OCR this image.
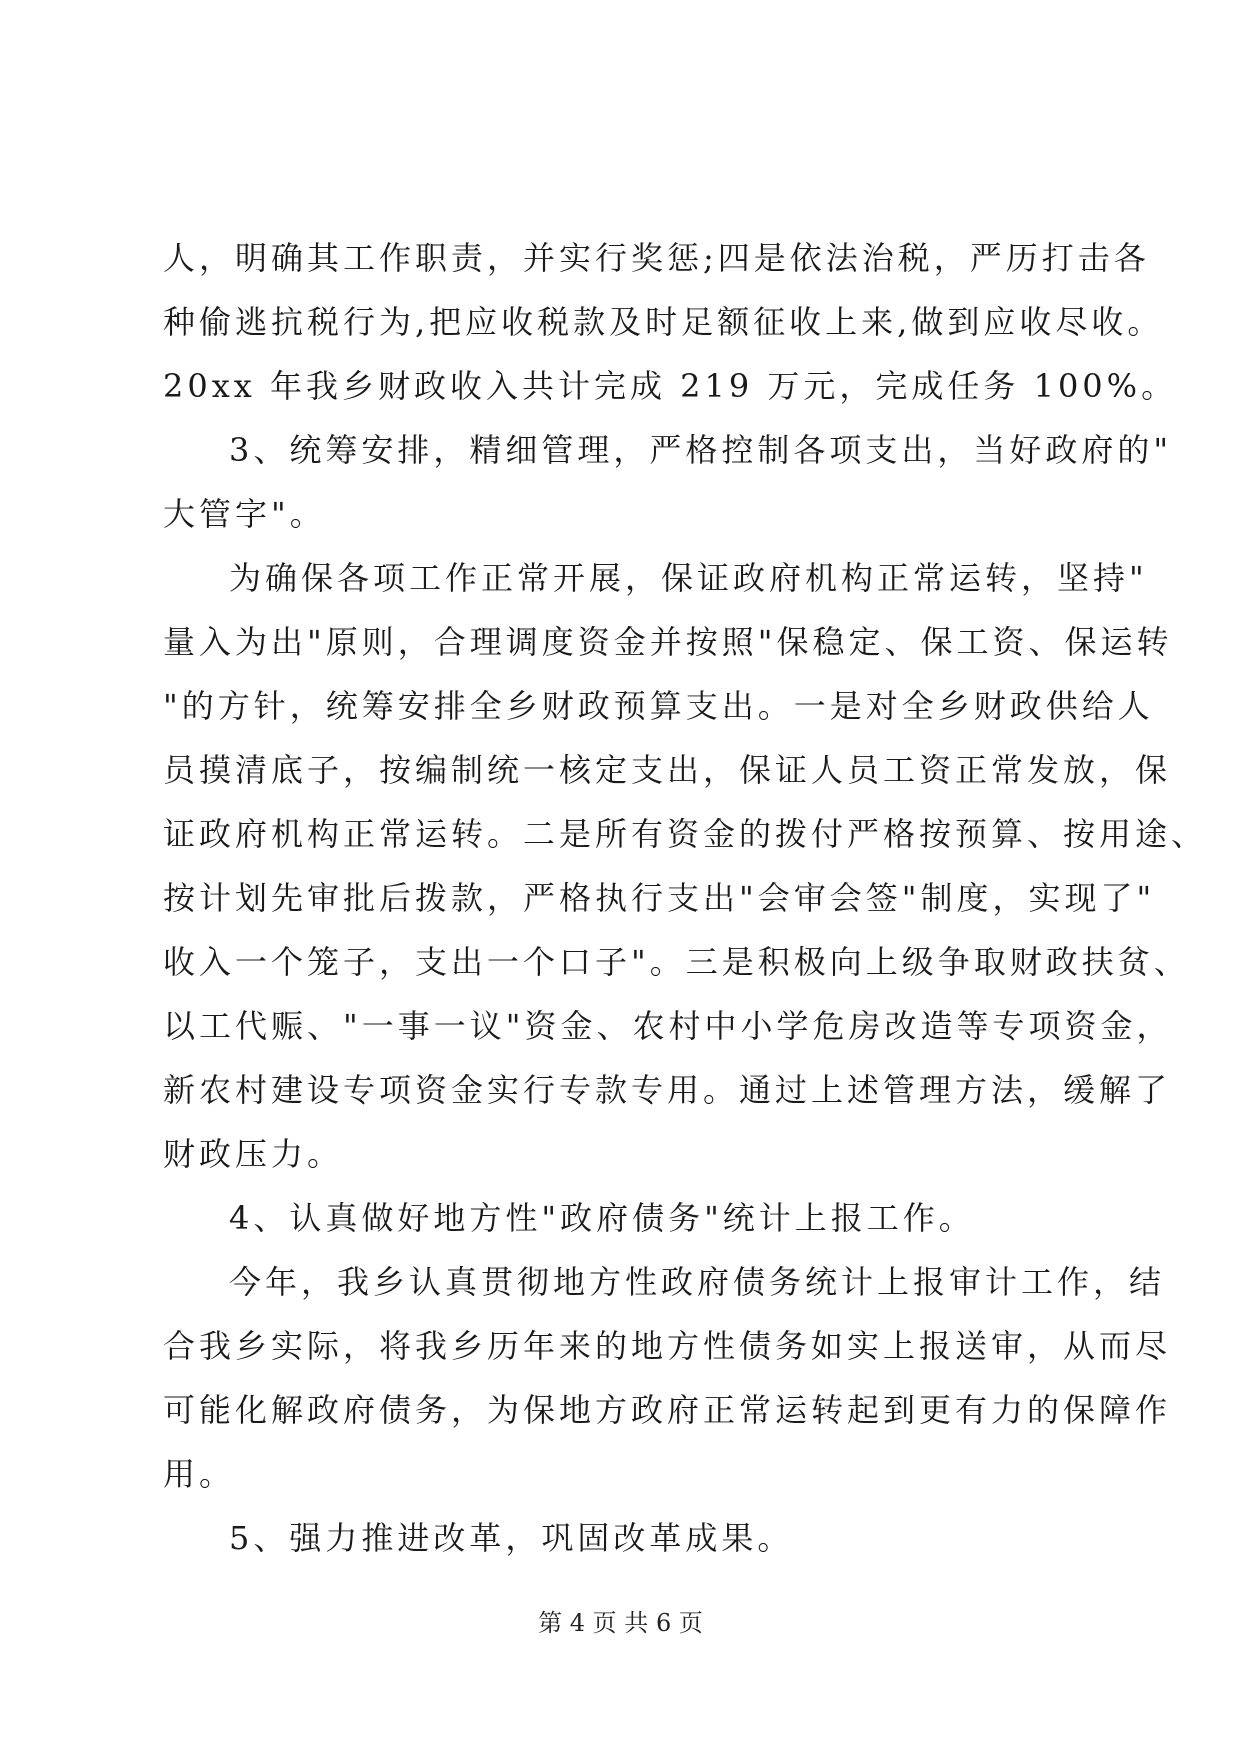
人，明确其工作职责，并实行奖惩;四是依法治税，严历打击各
种偷逃抗税行为,把应收税款及时足额征收上来,做到应收尽收。
20xx 年我乡财政收入共计完成 219 万元，完成任务 100%。
3、统筹安排，精细管理，严格控制各项支出，当好政府的"
大管字"。
为确保各项工作正常开展，保证政府机构正常运转，坚持"
量入为出"原则，合理调度资金并按照"保稳定、保工资、保运转
"的方针，统筹安排全乡财政预算支出。一是对全乡财政供给人
员摸清底子，按编制统一核定支出，保证人员工资正常发放，保
证政府机构正常运转。二是所有资金的拨付严格按预算、按用途、
按计划先审批后拨款，严格执行支出"会审会签"制度，实现了"
收入一个笼子，支出一个口子"。三是积极向上级争取财政扶贫、
以工代赈、"一事一议"资金、农村中小学危房改造等专项资金，
新农村建设专项资金实行专款专用。通过上述管理方法，缓解了
财政压力。
4、认真做好地方性"政府债务"统计上报工作。
今年，我乡认真贯彻地方性政府债务统计上报审计工作，结
合我乡实际，将我乡历年来的地方性债务如实上报送审，从而尽
可能化解政府债务，为保地方政府正常运转起到更有力的保障作
用。
5、强力推进改革，巩固改革成果。
第 4 页 共 6 页
